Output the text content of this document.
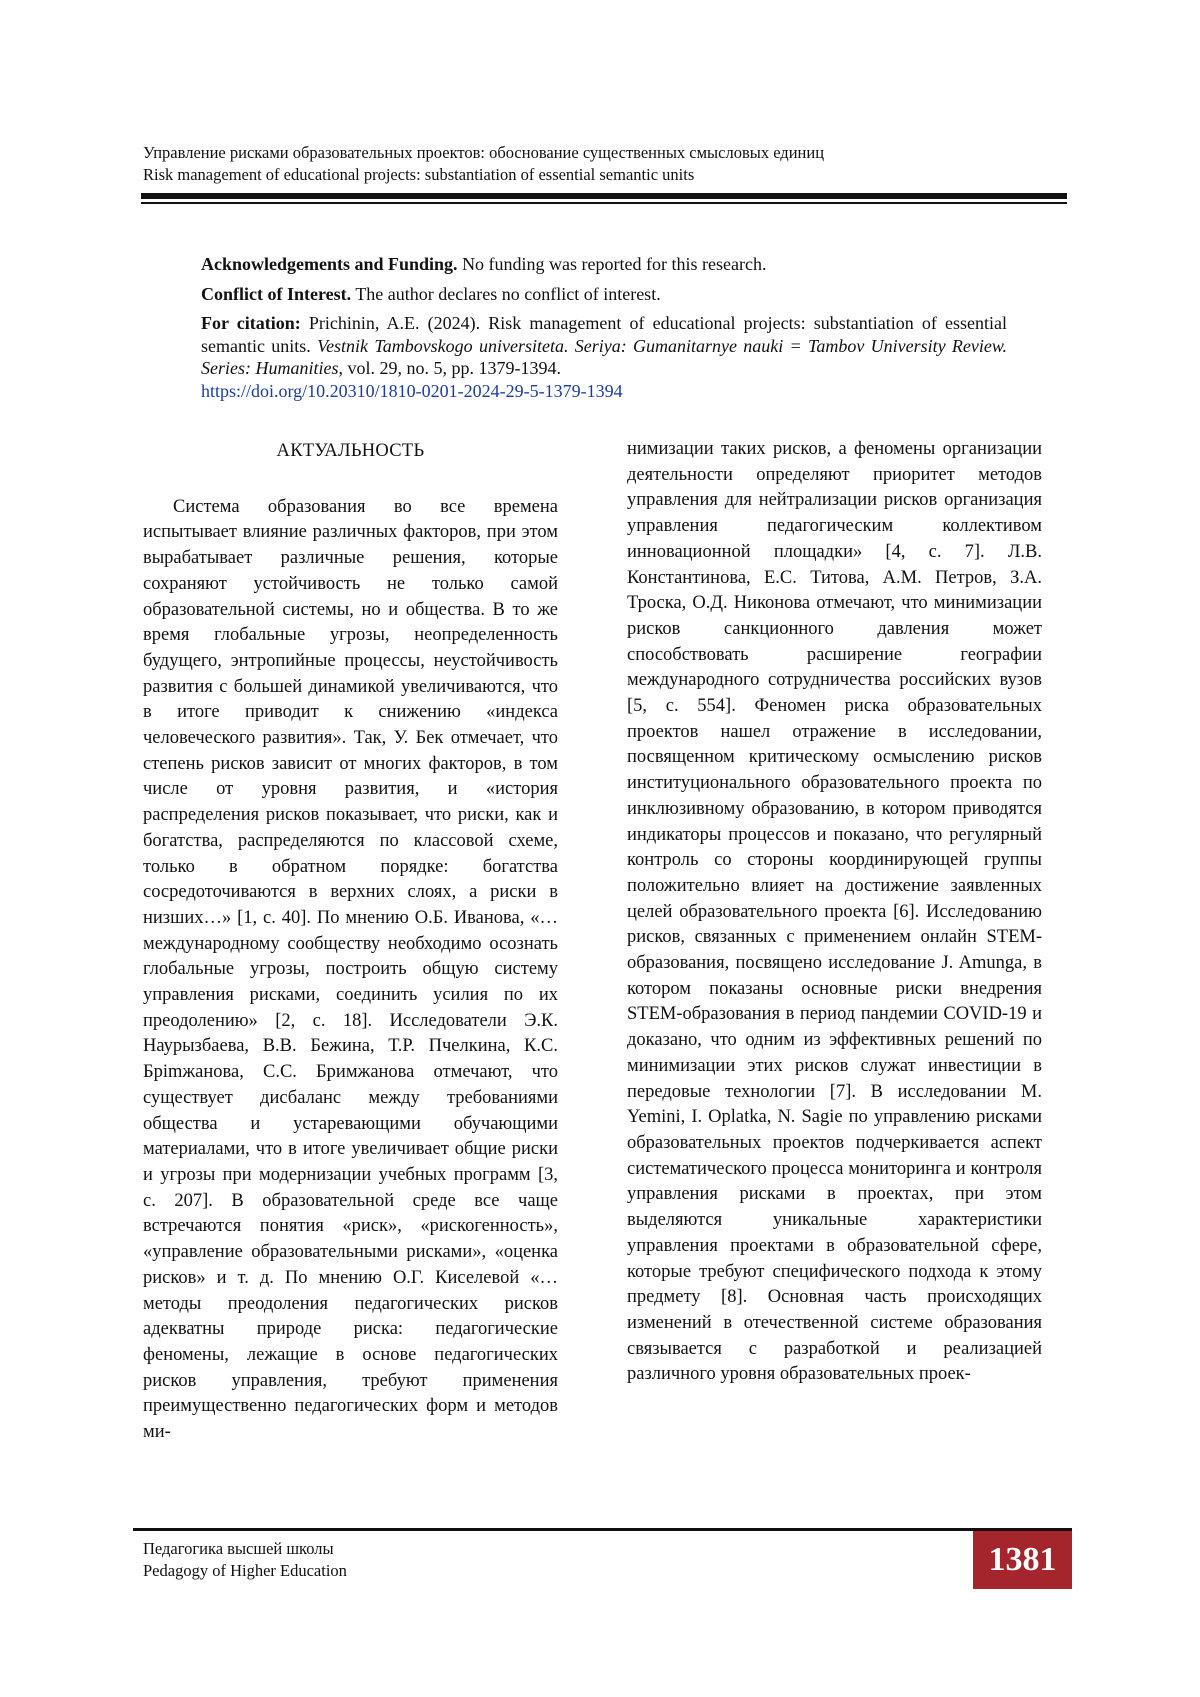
Управление рисками образовательных проектов: обоснование существенных смысловых единиц
Risk management of educational projects: substantiation of essential semantic units

Acknowledgements and Funding. No funding was reported for this research.

Conflict of Interest. The author declares no conflict of interest.

For citation: Prichinin, A.E. (2024). Risk management of educational projects: substantiation of essential semantic units. Vestnik Tambovskogo universiteta. Seriya: Gumanitarnye nauki = Tambov University Review. Series: Humanities, vol. 29, no. 5, pp. 1379-1394.
https://doi.org/10.20310/1810-0201-2024-29-5-1379-1394

АКТУАЛЬНОСТЬ

Система образования во все времена испытывает влияние различных факторов, при этом вырабатывает различные решения, которые сохраняют устойчивость не только самой образовательной системы, но и общества. В то же время глобальные угрозы, неопределенность будущего, энтропийные процессы, неустойчивость развития с большей динамикой увеличиваются, что в итоге приводит к снижению «индекса человеческого развития». Так, У. Бек отмечает, что степень рисков зависит от многих факторов, в том числе от уровня развития, и «история распределения рисков показывает, что риски, как и богатства, распределяются по классовой схеме, только в обратном порядке: богатства сосредоточиваются в верхних слоях, а риски в низших…» [1, с. 40]. По мнению О.Б. Иванова, «…международному сообществу необходимо осознать глобальные угрозы, построить общую систему управления рисками, соединить усилия по их преодолению» [2, с. 18]. Исследователи Э.К. Наурызбаева, В.В. Бежина, Т.Р. Пчелкина, К.С. Брimжанова, С.С. Бримжанова отмечают, что существует дисбаланс между требованиями общества и устаревающими обучающими материалами, что в итоге увеличивает общие риски и угрозы при модернизации учебных программ [3, с. 207]. В образовательной среде все чаще встречаются понятия «риск», «рискогенность», «управление образовательными рисками», «оценка рисков» и т. д. По мнению О.Г. Киселевой «…методы преодоления педагогических рисков адекватны природе риска: педагогические феномены, лежащие в основе педагогических рисков управления, требуют применения преимущественно педагогических форм и методов ми-

нимизации таких рисков, а феномены организации деятельности определяют приоритет методов управления для нейтрализации рисков организация управления педагогическим коллективом инновационной площадки» [4, с. 7]. Л.В. Константинова, Е.С. Титова, А.М. Петров, З.А. Троска, О.Д. Никонова отмечают, что минимизации рисков санкционного давления может способствовать расширение географии международного сотрудничества российских вузов [5, с. 554]. Феномен риска образовательных проектов нашел отражение в исследовании, посвященном критическому осмыслению рисков институционального образовательного проекта по инклюзивному образованию, в котором приводятся индикаторы процессов и показано, что регулярный контроль со стороны координирующей группы положительно влияет на достижение заявленных целей образовательного проекта [6]. Исследованию рисков, связанных с применением онлайн STEM-образования, посвящено исследование J. Amunga, в котором показаны основные риски внедрения STEM-образования в период пандемии COVID-19 и доказано, что одним из эффективных решений по минимизации этих рисков служат инвестиции в передовые технологии [7]. В исследовании M. Yemini, I. Oplatka, N. Sagie по управлению рисками образовательных проектов подчеркивается аспект систематического процесса мониторинга и контроля управления рисками в проектах, при этом выделяются уникальные характеристики управления проектами в образовательной сфере, которые требуют специфического подхода к этому предмету [8]. Основная часть происходящих изменений в отечественной системе образования связывается с разработкой и реализацией различного уровня образовательных проек-

Педагогика высшей школы
Pedagogy of Higher Education	1381
